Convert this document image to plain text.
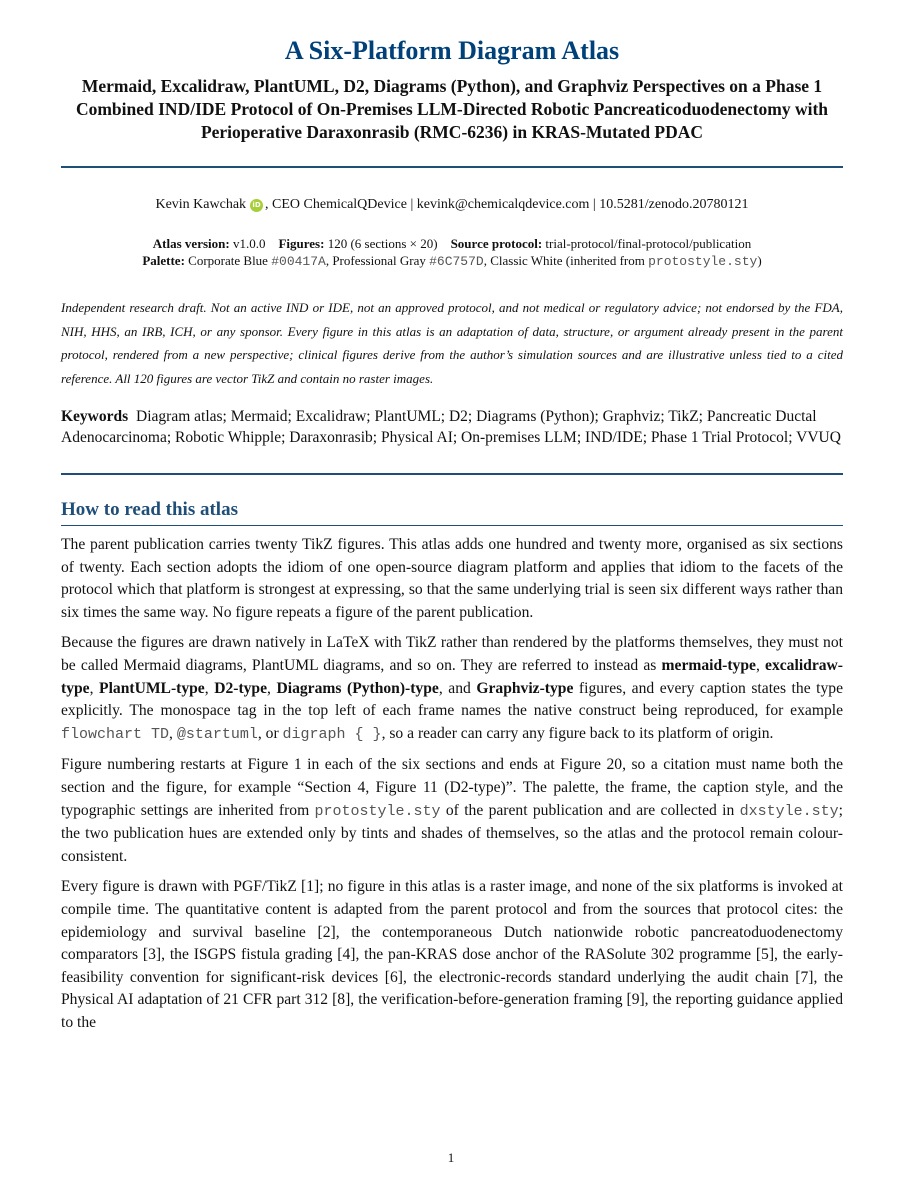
A Six-Platform Diagram Atlas
Mermaid, Excalidraw, PlantUML, D2, Diagrams (Python), and Graphviz Perspectives on a Phase 1 Combined IND/IDE Protocol of On-Premises LLM-Directed Robotic Pancreaticoduodenectomy with Perioperative Daraxonrasib (RMC-6236) in KRAS-Mutated PDAC
Kevin Kawchak iD , CEO ChemicalQDevice | kevink@chemicalqdevice.com | 10.5281/zenodo.20780121
Atlas version: v1.0.0 Figures: 120 (6 sections × 20) Source protocol: trial-protocol/final-protocol/publication
Palette: Corporate Blue #00417A, Professional Gray #6C757D, Classic White (inherited from protostyle.sty)
Independent research draft. Not an active IND or IDE, not an approved protocol, and not medical or regulatory advice; not endorsed by the FDA, NIH, HHS, an IRB, ICH, or any sponsor. Every figure in this atlas is an adaptation of data, structure, or argument already present in the parent protocol, rendered from a new perspective; clinical figures derive from the author’s simulation sources and are illustrative unless tied to a cited reference. All 120 figures are vector TikZ and contain no raster images.
Keywords Diagram atlas; Mermaid; Excalidraw; PlantUML; D2; Diagrams (Python); Graphviz; TikZ; Pancreatic Ductal Adenocarcinoma; Robotic Whipple; Daraxonrasib; Physical AI; On-premises LLM; IND/IDE; Phase 1 Trial Protocol; VVUQ
How to read this atlas

The parent publication carries twenty TikZ figures. This atlas adds one hundred and twenty more, organised as six sections of twenty. Each section adopts the idiom of one open-source diagram platform and applies that idiom to the facets of the protocol which that platform is strongest at expressing, so that the same underlying trial is seen six different ways rather than six times the same way. No figure repeats a figure of the parent publication.

Because the figures are drawn natively in LaTeX with TikZ rather than rendered by the platforms themselves, they must not be called Mermaid diagrams, PlantUML diagrams, and so on. They are referred to instead as mermaid-type, excalidraw-type, PlantUML-type, D2-type, Diagrams (Python)-type, and Graphviz-type figures, and every caption states the type explicitly. The monospace tag in the top left of each frame names the native construct being reproduced, for example flowchart TD, @startuml, or digraph { }, so a reader can carry any figure back to its platform of origin.

Figure numbering restarts at Figure 1 in each of the six sections and ends at Figure 20, so a citation must name both the section and the figure, for example “Section 4, Figure 11 (D2-type)”. The palette, the frame, the caption style, and the typographic settings are inherited from protostyle.sty of the parent publication and are collected in dxstyle.sty; the two publication hues are extended only by tints and shades of themselves, so the atlas and the protocol remain colour-consistent.

Every figure is drawn with PGF/TikZ [1]; no figure in this atlas is a raster image, and none of the six platforms is invoked at compile time. The quantitative content is adapted from the parent protocol and from the sources that protocol cites: the epidemiology and survival baseline [2], the contemporaneous Dutch nationwide robotic pancreatoduodenectomy comparators [3], the ISGPS fistula grading [4], the pan-KRAS dose anchor of the RASolute 302 programme [5], the early-feasibility convention for significant-risk devices [6], the electronic-records standard underlying the audit chain [7], the Physical AI adaptation of 21 CFR part 312 [8], the verification-before-generation framing [9], the reporting guidance applied to the

1
